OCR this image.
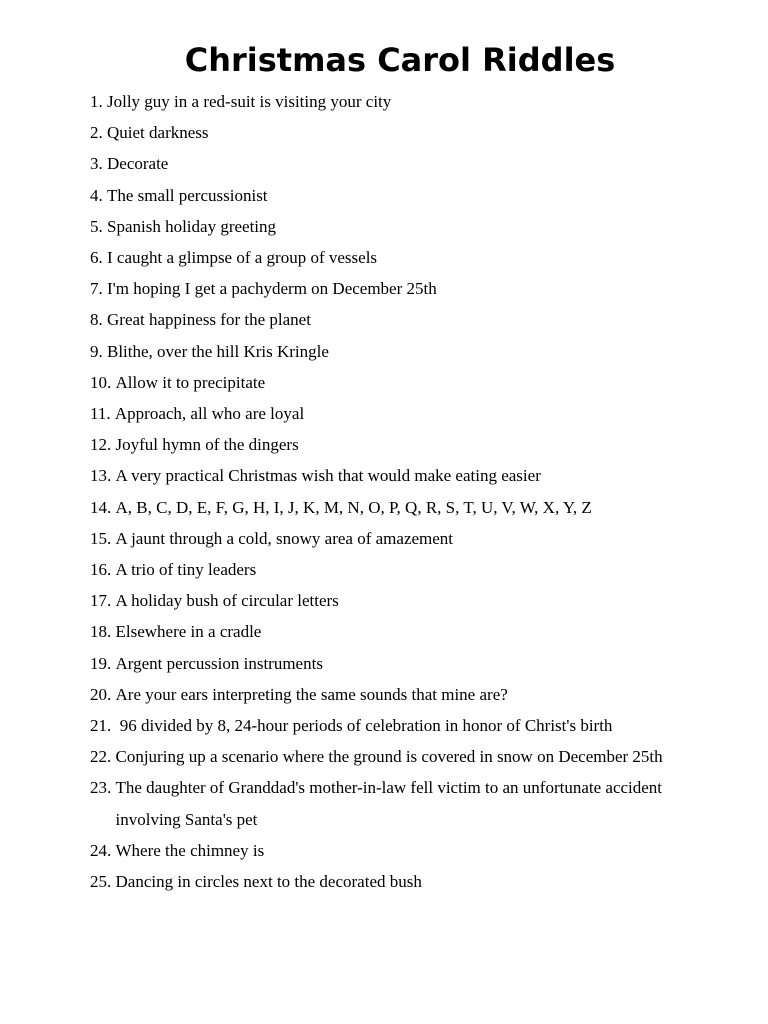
Christmas Carol Riddles
1. Jolly guy in a red-suit is visiting your city
2. Quiet darkness
3. Decorate
4. The small percussionist
5. Spanish holiday greeting
6. I caught a glimpse of a group of vessels
7. I'm hoping I get a pachyderm on December 25th
8. Great happiness for the planet
9. Blithe, over the hill Kris Kringle
10. Allow it to precipitate
11. Approach, all who are loyal
12. Joyful hymn of the dingers
13. A very practical Christmas wish that would make eating easier
14. A, B, C, D, E, F, G, H, I, J, K, M, N, O, P, Q, R, S, T, U, V, W, X, Y, Z
15. A jaunt through a cold, snowy area of amazement
16. A trio of tiny leaders
17. A holiday bush of circular letters
18. Elsewhere in a cradle
19. Argent percussion instruments
20. Are your ears interpreting the same sounds that mine are?
21. 96 divided by 8, 24-hour periods of celebration in honor of Christ's birth
22. Conjuring up a scenario where the ground is covered in snow on December 25th
23. The daughter of Granddad's mother-in-law fell victim to an unfortunate accident involving Santa's pet
24. Where the chimney is
25. Dancing in circles next to the decorated bush
